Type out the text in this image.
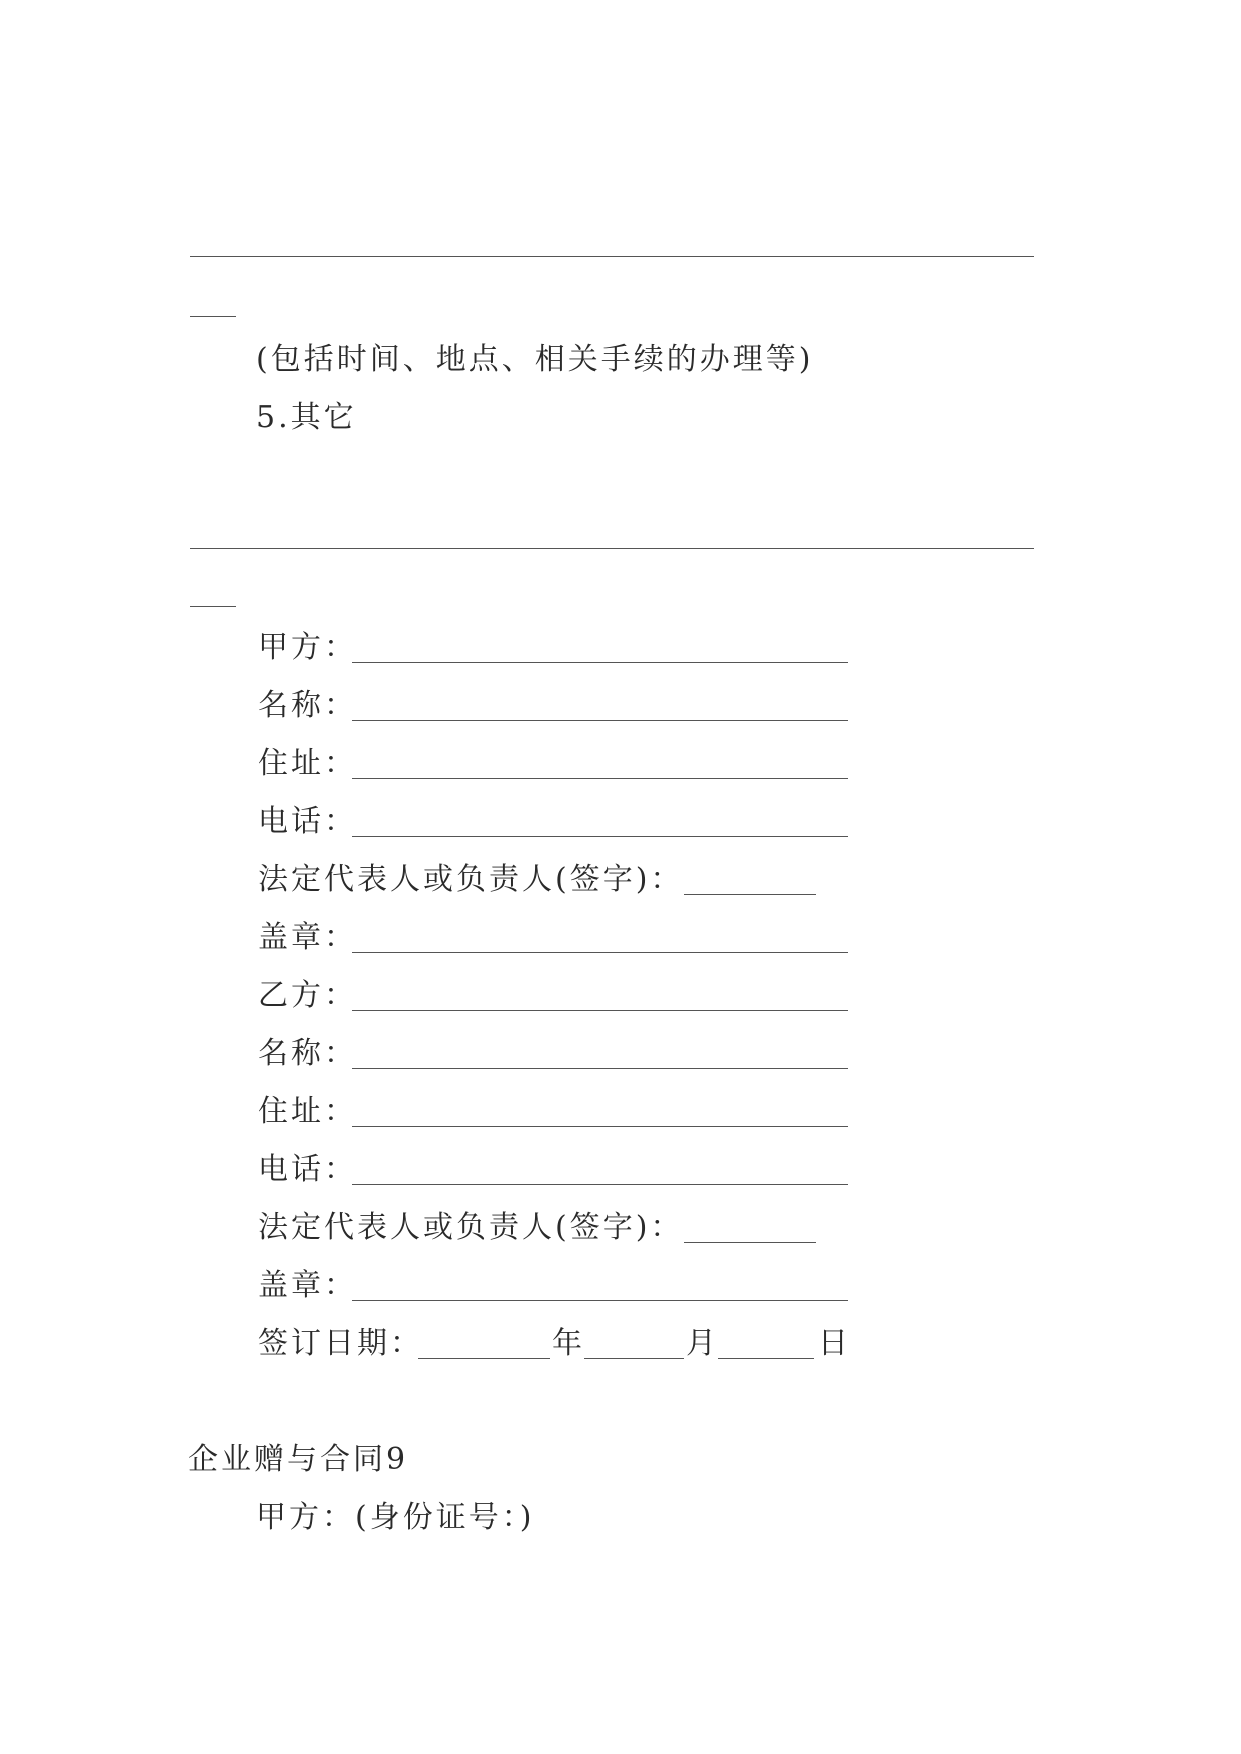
(包括时间、地点、相关手续的办理等)
5.其它
甲方：
名称：
住址：
电话：
法定代表人或负责人(签字)：
盖章：
乙方：
名称：
住址：
电话：
法定代表人或负责人(签字)：
盖章：
签订日期：	年	月	日
企业赠与合同9
甲方：(身份证号：)
